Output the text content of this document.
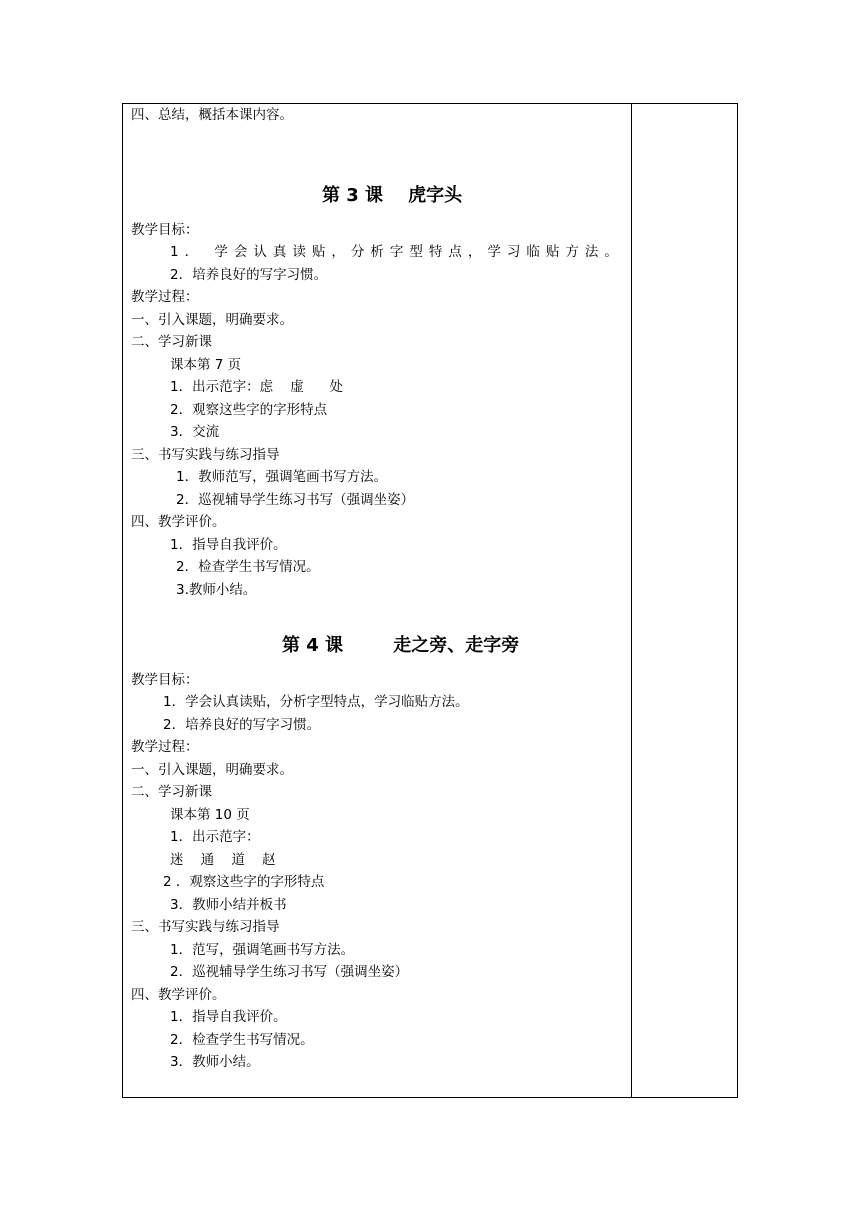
四、总结，概括本课内容。
第 3 课    虎字头
教学目标：
1． 学会认真读贴，分析字型特点，学习临贴方法。
2．培养良好的写字习惯。
教学过程：
一、引入课题，明确要求。
二、学习新课
课本第 7 页
1．出示范字：虑    虚      处
2．观察这些字的字形特点
3．交流
三、书写实践与练习指导
1．教师范写，强调笔画书写方法。
2．巡视辅导学生练习书写（强调坐姿）
四、教学评价。
1．指导自我评价。
2．检查学生书写情况。
3.教师小结。
第 4 课        走之旁、走字旁
教学目标：
1．学会认真读贴，分析字型特点，学习临贴方法。
2．培养良好的写字习惯。
教学过程：
一、引入课题，明确要求。
二、学习新课
课本第 10 页
1．出示范字：
迷    通    道    赵
2 ．观察这些字的字形特点
3．教师小结并板书
三、书写实践与练习指导
1．范写，强调笔画书写方法。
2．巡视辅导学生练习书写（强调坐姿）
四、教学评价。
1．指导自我评价。
2．检查学生书写情况。
3．教师小结。
